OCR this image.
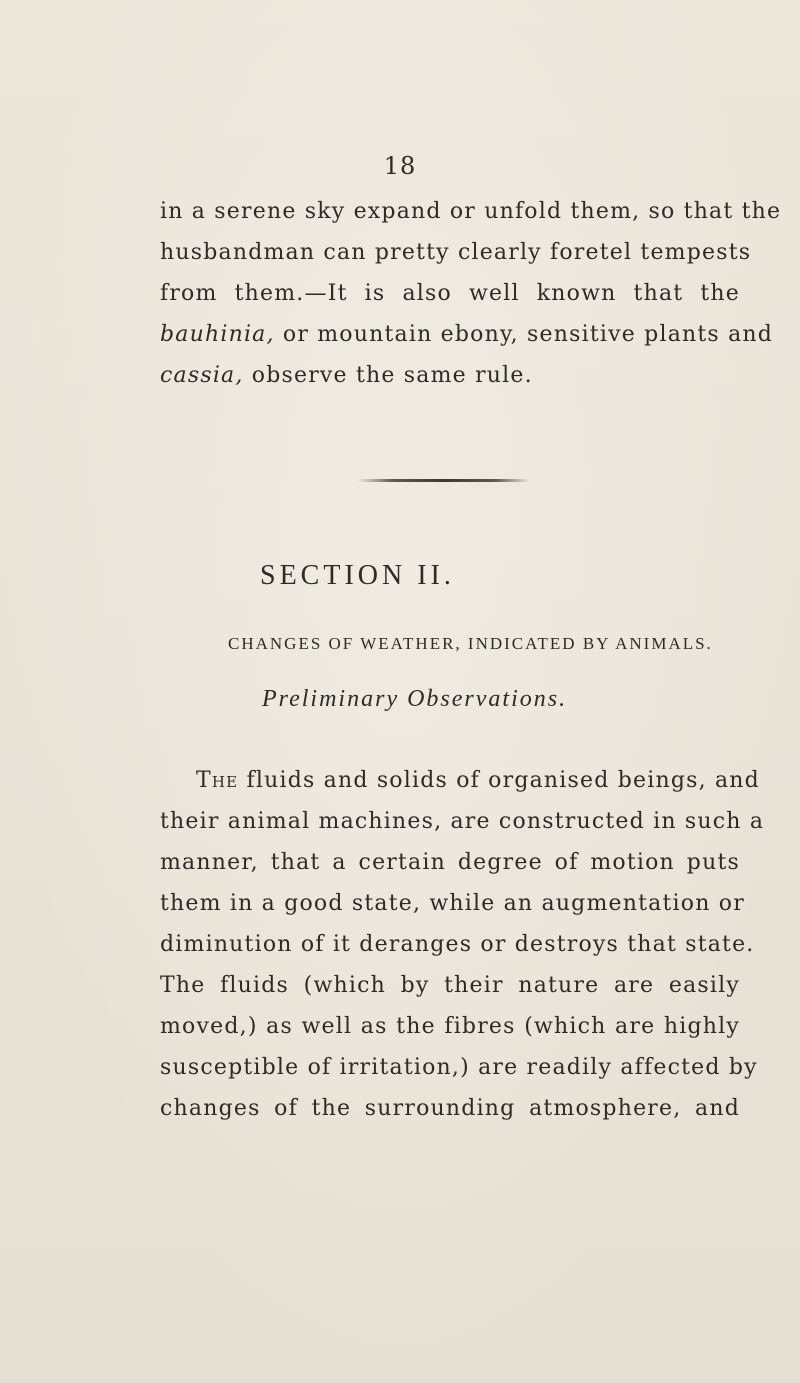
18
in a serene sky expand or unfold them, so that the
husbandman can pretty clearly foretel tempests
from them.—It is also well known that the
bauhinia, or mountain ebony, sensitive plants and
cassia, observe the same rule.
SECTION II.
CHANGES OF WEATHER, INDICATED BY ANIMALS.
Preliminary Observations.
The fluids and solids of organised beings, and
their animal machines, are constructed in such a
manner, that a certain degree of motion puts
them in a good state, while an augmentation or
diminution of it deranges or destroys that state.
The fluids (which by their nature are easily
moved,) as well as the fibres (which are highly
susceptible of irritation,) are readily affected by
changes of the surrounding atmosphere, and
